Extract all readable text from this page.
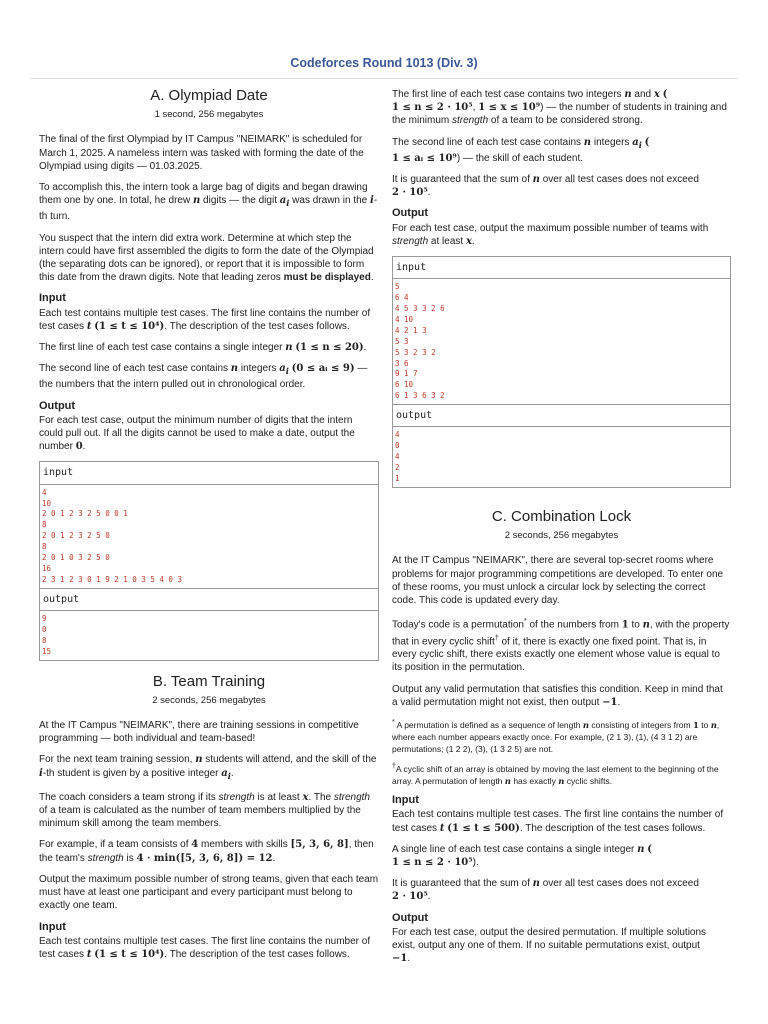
Codeforces Round 1013 (Div. 3)
A. Olympiad Date
1 second, 256 megabytes

The final of the first Olympiad by IT Campus "NEIMARK" is scheduled for March 1, 2025. A nameless intern was tasked with forming the date of the Olympiad using digits — 01.03.2025.

To accomplish this, the intern took a large bag of digits and began drawing them one by one. In total, he drew n digits — the digit $a_i$ was drawn in the i-th turn.

You suspect that the intern did extra work. Determine at which step the intern could have first assembled the digits to form the date of the Olympiad (the separating dots can be ignored), or report that it is impossible to form this date from the drawn digits. Note that leading zeros must be displayed.

Input

Each test contains multiple test cases. The first line contains the number of test cases t (1 ≤ t ≤ 10⁴). The description of the test cases follows.

The first line of each test case contains a single integer n (1 ≤ n ≤ 20).

The second line of each test case contains n integers $a_i$ (0 ≤ aᵢ ≤ 9) — the numbers that the intern pulled out in chronological order.

Output

For each test case, output the minimum number of digits that the intern could pull out. If all the digits cannot be used to make a date, output the number 0.

input
4
10
2 0 1 2 3 2 5 0 0 1
8
2 0 1 2 3 2 5 0
8
2 0 1 0 3 2 5 0
16
2 3 1 2 3 0 1 9 2 1 0 3 5 4 0 3
output
9
0
8
15
B. Team Training
2 seconds, 256 megabytes

At the IT Campus "NEIMARK", there are training sessions in competitive programming — both individual and team-based!

For the next team training session, n students will attend, and the skill of the i-th student is given by a positive integer $a_i$.

The coach considers a team strong if its strength is at least x. The strength of a team is calculated as the number of team members multiplied by the minimum skill among the team members.

For example, if a team consists of 4 members with skills [5, 3, 6, 8], then the team's strength is 4 · min([5, 3, 6, 8]) = 12.

Output the maximum possible number of strong teams, given that each team must have at least one participant and every participant must belong to exactly one team.

Input

Each test contains multiple test cases. The first line contains the number of test cases t (1 ≤ t ≤ 10⁴). The description of the test cases follows.

The first line of each test case contains two integers n and x (
1 ≤ n ≤ 2 · 10⁵, 1 ≤ x ≤ 10⁹) — the number of students in training and the minimum strength of a team to be considered strong.

The second line of each test case contains n integers $a_i$ (
1 ≤ aᵢ ≤ 10⁹) — the skill of each student.

It is guaranteed that the sum of n over all test cases does not exceed
2 · 10⁵.

Output

For each test case, output the maximum possible number of teams with strength at least x.

input
5
6 4
4 5 3 3 2 6
4 10
4 2 1 3
5 3
5 3 2 3 2
3 6
9 1 7
6 10
6 1 3 6 3 2
output
4
0
4
2
1
C. Combination Lock
2 seconds, 256 megabytes

At the IT Campus "NEIMARK", there are several top-secret rooms where problems for major programming competitions are developed. To enter one of these rooms, you must unlock a circular lock by selecting the correct code. This code is updated every day.

Today's code is a permutation* of the numbers from 1 to n, with the property that in every cyclic shift† of it, there is exactly one fixed point. That is, in every cyclic shift, there exists exactly one element whose value is equal to its position in the permutation.

Output any valid permutation that satisfies this condition. Keep in mind that a valid permutation might not exist, then output −1.

* A permutation is defined as a sequence of length n consisting of integers from 1 to n, where each number appears exactly once. For example, (2 1 3), (1), (4 3 1 2) are permutations; (1 2 2), (3), (1 3 2 5) are not.

†A cyclic shift of an array is obtained by moving the last element to the beginning of the array. A permutation of length n has exactly n cyclic shifts.

Input

Each test contains multiple test cases. The first line contains the number of test cases t (1 ≤ t ≤ 500). The description of the test cases follows.

A single line of each test case contains a single integer n (
1 ≤ n ≤ 2 · 10⁵).

It is guaranteed that the sum of n over all test cases does not exceed
2 · 10⁵.

Output

For each test case, output the desired permutation. If multiple solutions exist, output any one of them. If no suitable permutations exist, output
−1.
